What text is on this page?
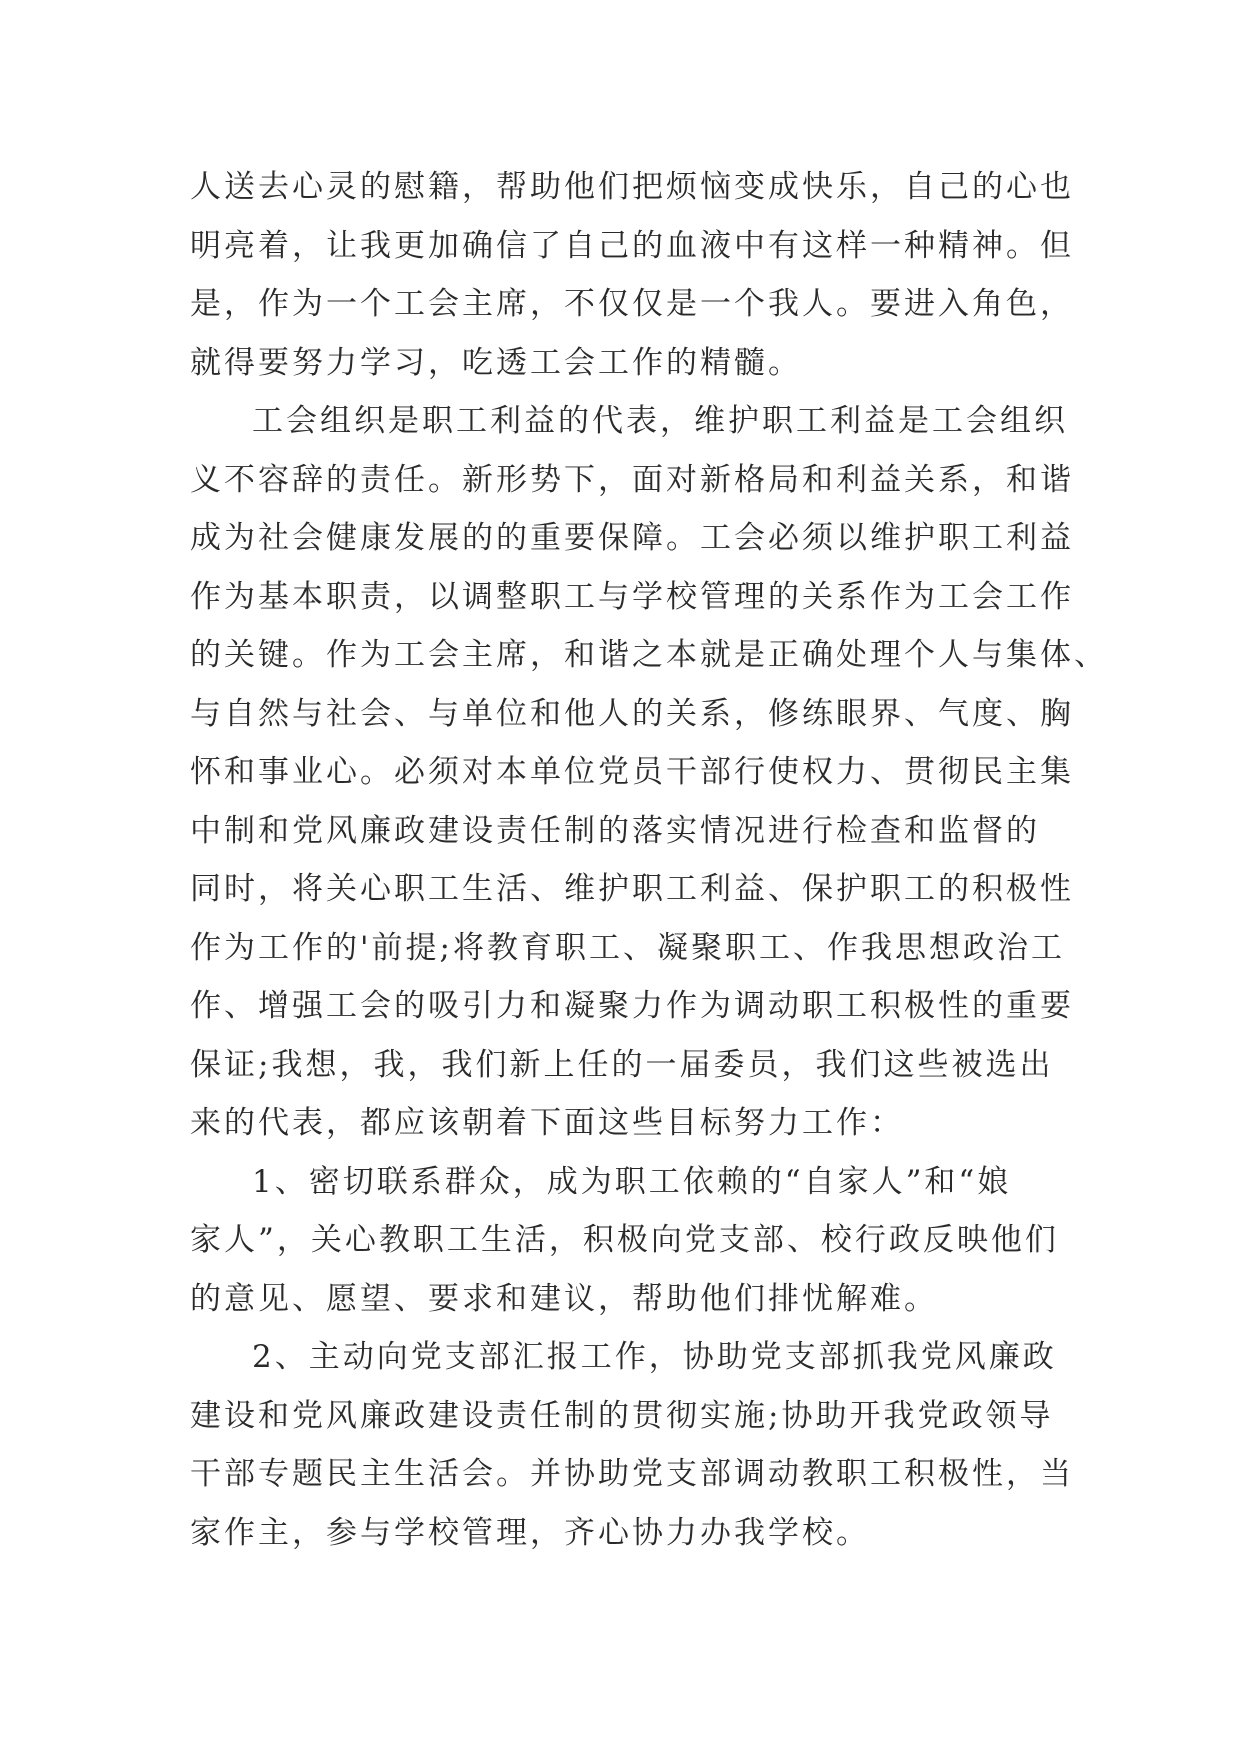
人送去心灵的慰籍，帮助他们把烦恼变成快乐，自己的心也
明亮着，让我更加确信了自己的血液中有这样一种精神。但
是，作为一个工会主席，不仅仅是一个我人。要进入角色，
就得要努力学习，吃透工会工作的精髓。
工会组织是职工利益的代表，维护职工利益是工会组织
义不容辞的责任。新形势下，面对新格局和利益关系，和谐
成为社会健康发展的的重要保障。工会必须以维护职工利益
作为基本职责，以调整职工与学校管理的关系作为工会工作
的关键。作为工会主席，和谐之本就是正确处理个人与集体、
与自然与社会、与单位和他人的关系，修练眼界、气度、胸
怀和事业心。必须对本单位党员干部行使权力、贯彻民主集
中制和党风廉政建设责任制的落实情况进行检查和监督的
同时，将关心职工生活、维护职工利益、保护职工的积极性
作为工作的'前提;将教育职工、凝聚职工、作我思想政治工
作、增强工会的吸引力和凝聚力作为调动职工积极性的重要
保证;我想，我，我们新上任的一届委员，我们这些被选出
来的代表，都应该朝着下面这些目标努力工作：
1、密切联系群众，成为职工依赖的“自家人”和“娘
家人”，关心教职工生活，积极向党支部、校行政反映他们
的意见、愿望、要求和建议，帮助他们排忧解难。
2、主动向党支部汇报工作，协助党支部抓我党风廉政
建设和党风廉政建设责任制的贯彻实施;协助开我党政领导
干部专题民主生活会。并协助党支部调动教职工积极性，当
家作主，参与学校管理，齐心协力办我学校。
